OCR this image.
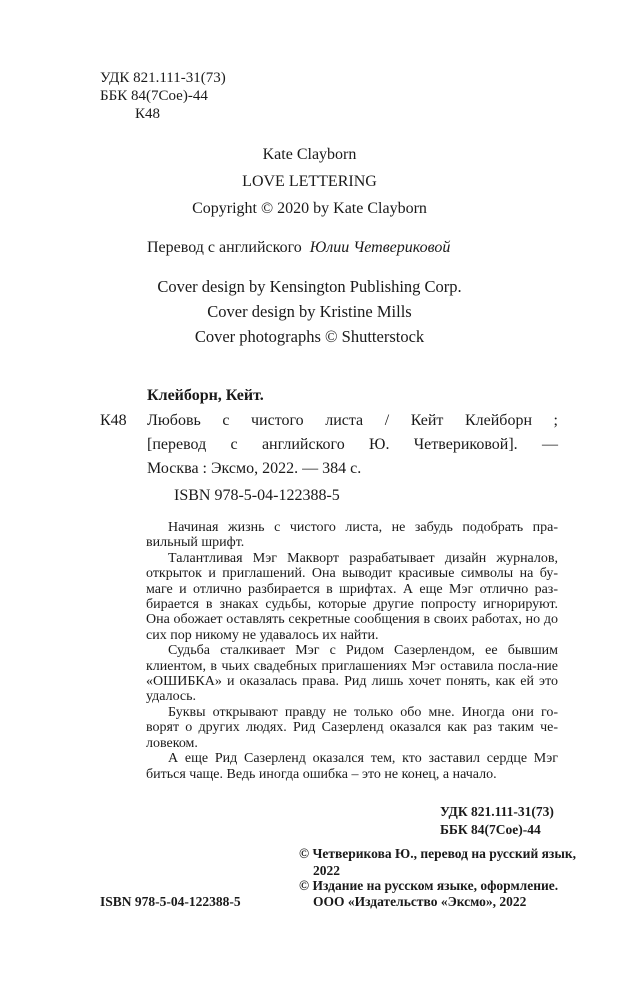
УДК 821.111-31(73)
ББК 84(7Сое)-44
К48
Kate Clayborn
LOVE LETTERING
Copyright © 2020 by Kate Clayborn
Перевод с английского Юлии Четвериковой
Cover design by Kensington Publishing Corp.
Cover design by Kristine Mills
Cover photographs © Shutterstock
Клейборн, Кейт.
К48 Любовь с чистого листа / Кейт Клейборн ;
[перевод с английского Ю. Четвериковой]. —
Москва : Эксмо, 2022. — 384 с.
ISBN 978-5-04-122388-5

Начиная жизнь с чистого листа, не забудь подобрать пра-вильный шрифт.

Талантливая Мэг Макворт разрабатывает дизайн журналов, открыток и приглашений. Она выводит красивые символы на бу-маге и отлично разбирается в шрифтах. А еще Мэг отлично раз-бирается в знаках судьбы, которые другие попросту игнорируют. Она обожает оставлять секретные сообщения в своих работах, но до сих пор никому не удавалось их найти.

Судьба сталкивает Мэг с Ридом Сазерлендом, ее бывшим клиентом, в чьих свадебных приглашениях Мэг оставила посла-ние «ОШИБКА» и оказалась права. Рид лишь хочет понять, как ей это удалось.

Буквы открывают правду не только обо мне. Иногда они го-ворят о других людях. Рид Сазерленд оказался как раз таким че-ловеком.

А еще Рид Сазерленд оказался тем, кто заставил сердце Мэг биться чаще. Ведь иногда ошибка – это не конец, а начало.

УДК 821.111-31(73)
ББК 84(7Сое)-44
© Четверикова Ю., перевод на русский язык,
2022
© Издание на русском языке, оформление.
ООО «Издательство «Эксмо», 2022
ISBN 978-5-04-122388-5
